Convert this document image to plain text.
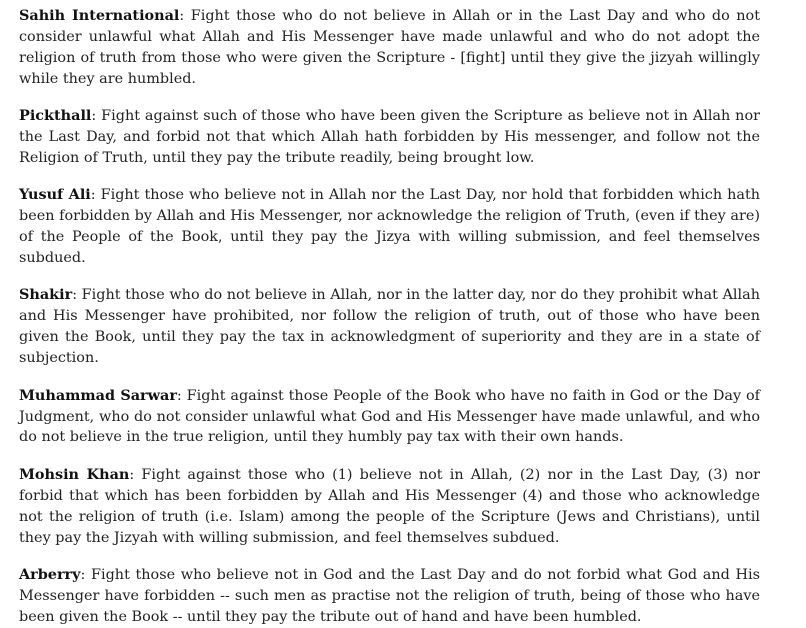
Sahih International: Fight those who do not believe in Allah or in the Last Day and who do not consider unlawful what Allah and His Messenger have made unlawful and who do not adopt the religion of truth from those who were given the Scripture - [fight] until they give the jizyah willingly while they are humbled.

Pickthall: Fight against such of those who have been given the Scripture as believe not in Allah nor the Last Day, and forbid not that which Allah hath forbidden by His messenger, and follow not the Religion of Truth, until they pay the tribute readily, being brought low.

Yusuf Ali: Fight those who believe not in Allah nor the Last Day, nor hold that forbidden which hath been forbidden by Allah and His Messenger, nor acknowledge the religion of Truth, (even if they are) of the People of the Book, until they pay the Jizya with willing submission, and feel themselves subdued.

Shakir: Fight those who do not believe in Allah, nor in the latter day, nor do they prohibit what Allah and His Messenger have prohibited, nor follow the religion of truth, out of those who have been given the Book, until they pay the tax in acknowledgment of superiority and they are in a state of subjection.

Muhammad Sarwar: Fight against those People of the Book who have no faith in God or the Day of Judgment, who do not consider unlawful what God and His Messenger have made unlawful, and who do not believe in the true religion, until they humbly pay tax with their own hands.

Mohsin Khan: Fight against those who (1) believe not in Allah, (2) nor in the Last Day, (3) nor forbid that which has been forbidden by Allah and His Messenger (4) and those who acknowledge not the religion of truth (i.e. Islam) among the people of the Scripture (Jews and Christians), until they pay the Jizyah with willing submission, and feel themselves subdued.

Arberry: Fight those who believe not in God and the Last Day and do not forbid what God and His Messenger have forbidden -- such men as practise not the religion of truth, being of those who have been given the Book -- until they pay the tribute out of hand and have been humbled.
